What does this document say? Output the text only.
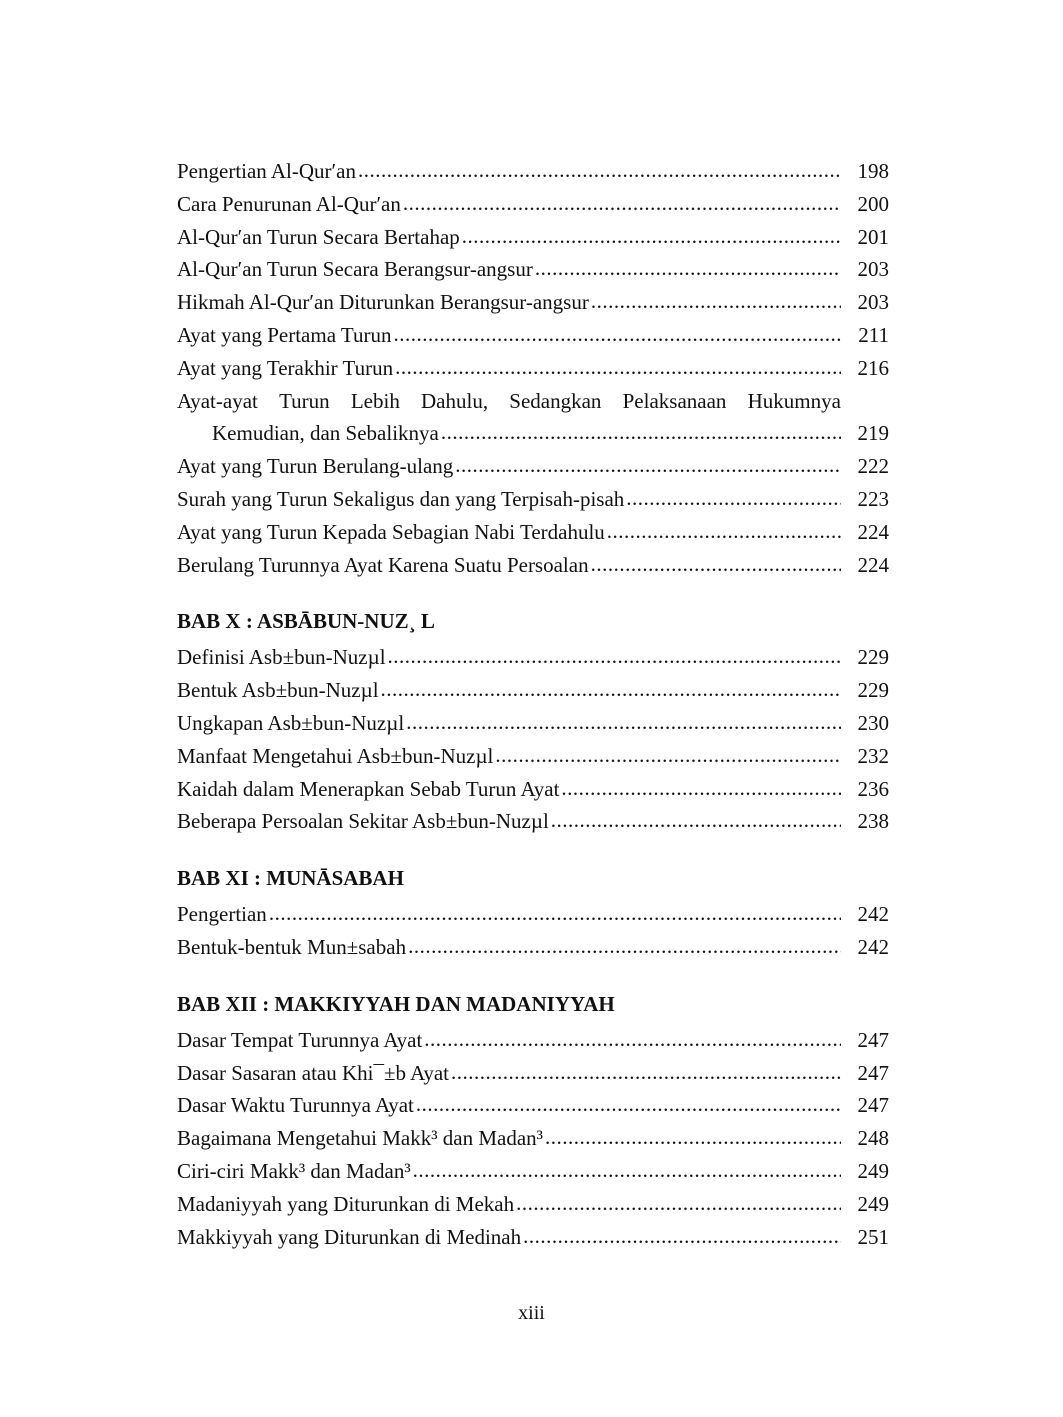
Pengertian Al-Qur′an .....	198
Cara Penurunan Al-Qur′an .....	200
Al-Qur′an Turun Secara Bertahap .....	201
Al-Qur′an Turun Secara Berangsur-angsur .....	203
Hikmah Al-Qur′an Diturunkan Berangsur-angsur .....	203
Ayat yang Pertama Turun .....	211
Ayat yang Terakhir Turun .....	216
Ayat-ayat Turun Lebih Dahulu, Sedangkan Pelaksanaan Hukumnya
Kemudian, dan Sebaliknya .....	219
Ayat yang Turun Berulang-ulang .....	222
Surah yang Turun Sekaligus dan yang Terpisah-pisah .....	223
Ayat yang Turun Kepada Sebagian Nabi Terdahulu .....	224
Berulang Turunnya Ayat Karena Suatu Persoalan .....	224
BAB X : ASBĀBUN-NUZ¸ L
Definisi Asb±bun-Nuzµl .....	229
Bentuk Asb±bun-Nuzµl .....	229
Ungkapan Asb±bun-Nuzµl .....	230
Manfaat Mengetahui Asb±bun-Nuzµl .....	232
Kaidah dalam Menerapkan Sebab Turun Ayat .....	236
Beberapa Persoalan Sekitar Asb±bun-Nuzµl .....	238
BAB XI : MUNĀSABAH
Pengertian .....	242
Bentuk-bentuk Mun±sabah .....	242
BAB XII : MAKKIYYAH DAN MADANIYYAH
Dasar Tempat Turunnya Ayat .....	247
Dasar Sasaran atau Khi¯±b Ayat .....	247
Dasar Waktu Turunnya Ayat .....	247
Bagaimana Mengetahui Makk³ dan Madan³ .....	248
Ciri-ciri Makk³ dan Madan³ .....	249
Madaniyyah yang Diturunkan di Mekah .....	249
Makkiyyah yang Diturunkan di Medinah .....	251
xiii
